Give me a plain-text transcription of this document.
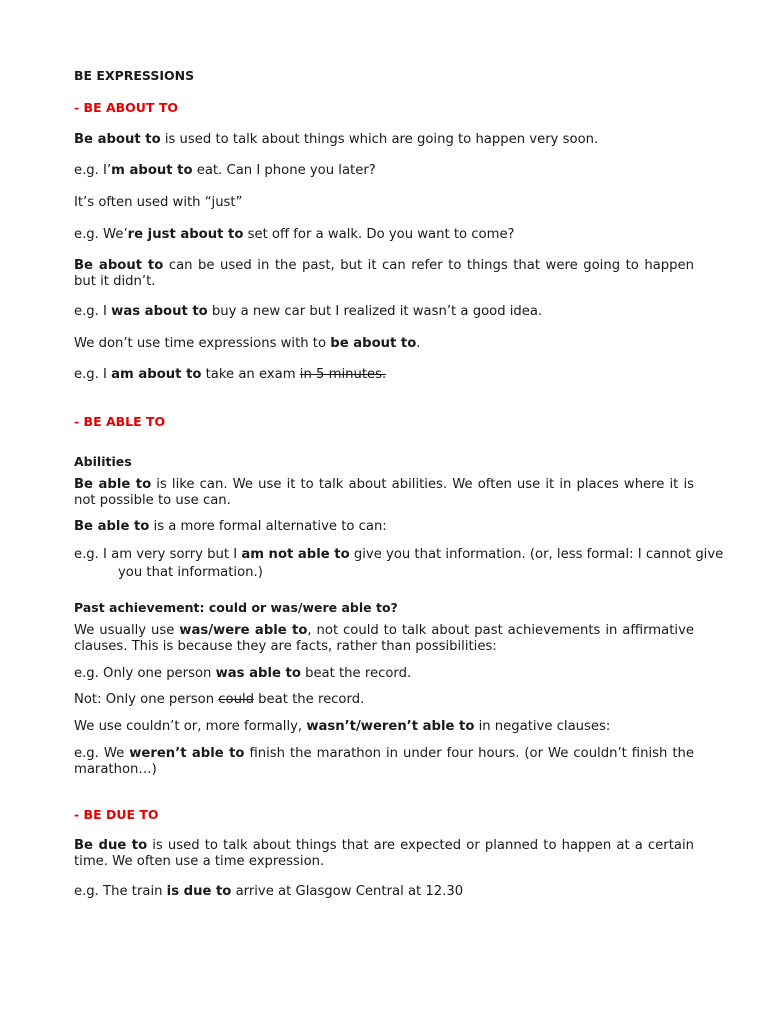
BE EXPRESSIONS
- BE ABOUT TO
Be about to is used to talk about things which are going to happen very soon.
e.g. I’m about to eat. Can I phone you later?
It’s often used with “just”
e.g. We’re just about to set off for a walk. Do you want to come?
Be about to can be used in the past, but it can refer to things that were going to happen but it didn’t.
e.g. I was about to buy a new car but I realized it wasn’t a good idea.
We don’t use time expressions with to be about to.
e.g. I am about to take an exam in 5 minutes.
- BE ABLE TO
Abilities
Be able to is like can. We use it to talk about abilities. We often use it in places where it is not possible to use can.
Be able to is a more formal alternative to can:
e.g. I am very sorry but I am not able to give you that information. (or, less formal: I cannot give
you that information.)
Past achievement: could or was/were able to?
We usually use was/were able to, not could to talk about past achievements in affirmative clauses. This is because they are facts, rather than possibilities:
e.g. Only one person was able to beat the record.
Not: Only one person could beat the record.
We use couldn’t or, more formally, wasn’t/weren’t able to in negative clauses:
e.g. We weren’t able to finish the marathon in under four hours. (or We couldn’t finish the marathon…)
- BE DUE TO
Be due to is used to talk about things that are expected or planned to happen at a certain time. We often use a time expression.
e.g. The train is due to arrive at Glasgow Central at 12.30
